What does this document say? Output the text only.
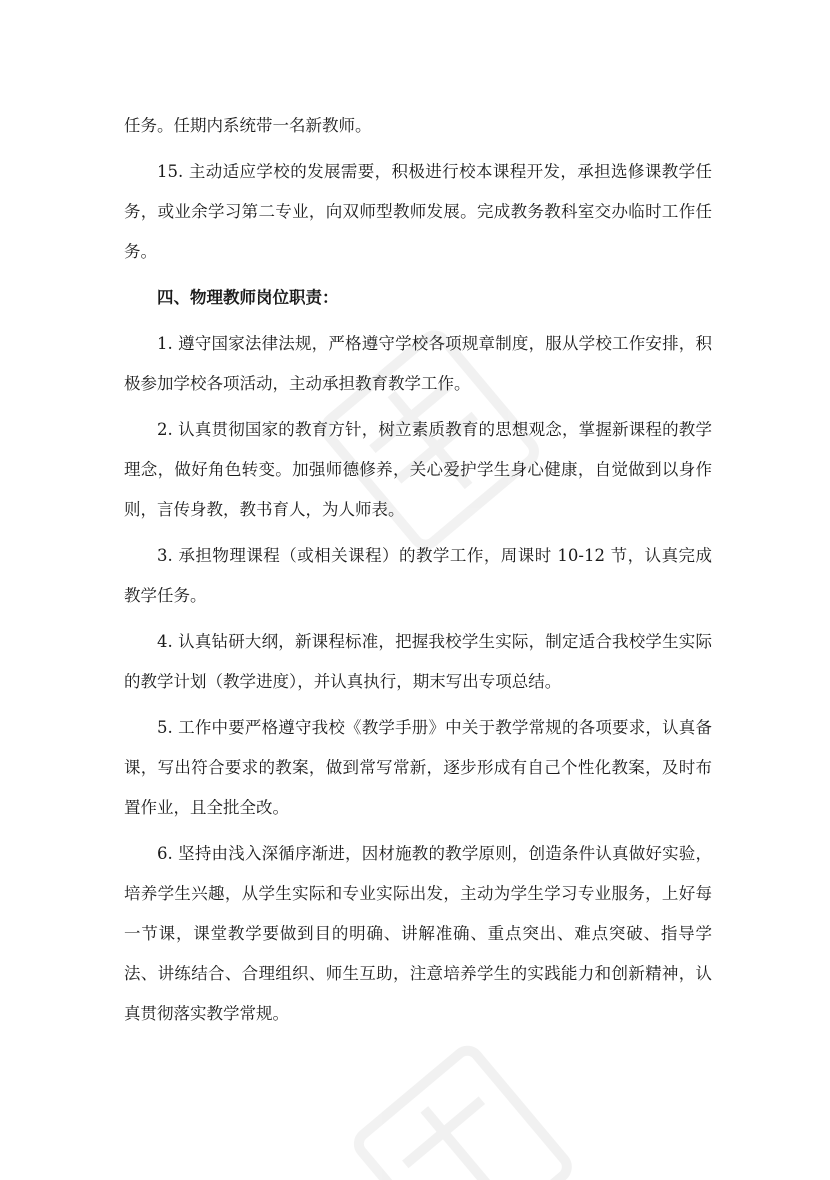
任务。任期内系统带一名新教师。

15. 主动适应学校的发展需要，积极进行校本课程开发，承担选修课教学任务，或业余学习第二专业，向双师型教师发展。完成教务教科室交办临时工作任务。

四、物理教师岗位职责：

1. 遵守国家法律法规，严格遵守学校各项规章制度，服从学校工作安排，积极参加学校各项活动，主动承担教育教学工作。

2. 认真贯彻国家的教育方针，树立素质教育的思想观念，掌握新课程的教学理念，做好角色转变。加强师德修养，关心爱护学生身心健康，自觉做到以身作则，言传身教，教书育人，为人师表。

3. 承担物理课程（或相关课程）的教学工作，周课时 10-12 节，认真完成教学任务。

4. 认真钻研大纲，新课程标准，把握我校学生实际，制定适合我校学生实际的教学计划（教学进度），并认真执行，期末写出专项总结。

5. 工作中要严格遵守我校《教学手册》中关于教学常规的各项要求，认真备课，写出符合要求的教案，做到常写常新，逐步形成有自己个性化教案，及时布置作业，且全批全改。

6. 坚持由浅入深循序渐进，因材施教的教学原则，创造条件认真做好实验，培养学生兴趣，从学生实际和专业实际出发，主动为学生学习专业服务，上好每一节课，课堂教学要做到目的明确、讲解准确、重点突出、难点突破、指导学法、讲练结合、合理组织、师生互助，注意培养学生的实践能力和创新精神，认真贯彻落实教学常规。
